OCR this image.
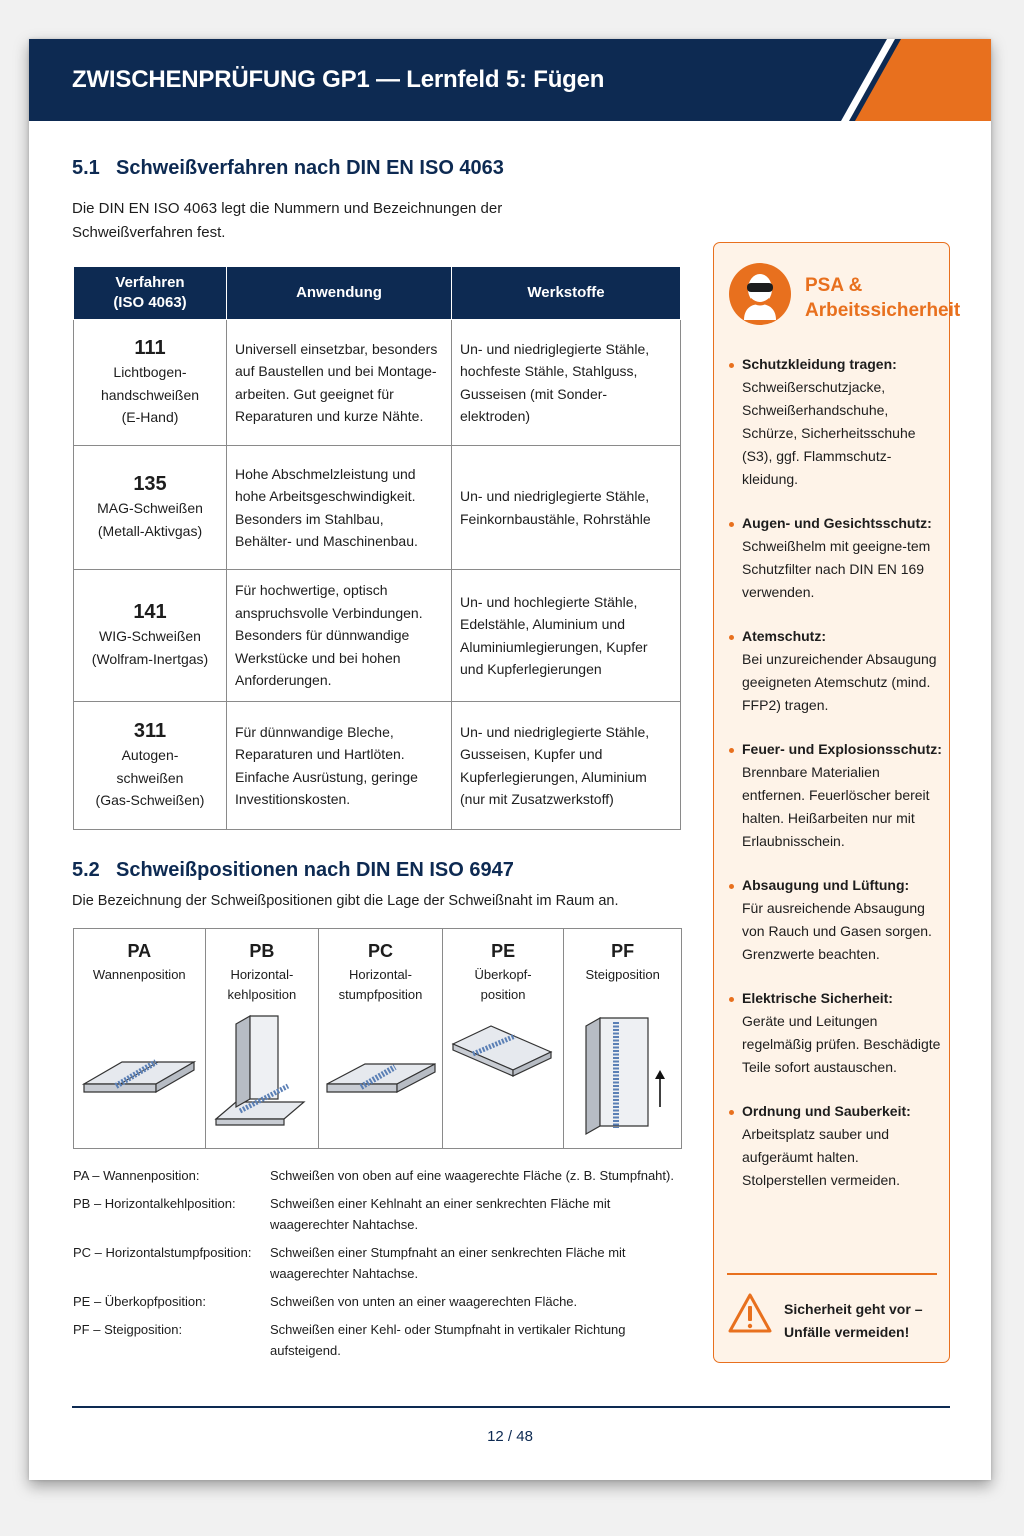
ZWISCHENPRÜFUNG GP1 — Lernfeld 5: Fügen
5.1 Schweißverfahren nach DIN EN ISO 4063
Die DIN EN ISO 4063 legt die Nummern und Bezeichnungen der
Schweißverfahren fest.
Verfahren
(ISO 4063)	Anwendung	Werkstoffe

111
Lichtbogen-
handschweißen
(E-Hand)	Universell einsetzbar, besonders auf Baustellen und bei Montage-arbeiten. Gut geeignet für Reparaturen und kurze Nähte.	Un- und niedriglegierte Stähle, hochfeste Stähle, Stahlguss, Gusseisen (mit Sonder-elektroden)

135
MAG-Schweißen
(Metall-Aktivgas)	Hohe Abschmelzleistung und hohe Arbeitsgeschwindigkeit. Besonders im Stahlbau, Behälter- und Maschinenbau.	Un- und niedriglegierte Stähle, Feinkornbaustähle, Rohrstähle

141
WIG-Schweißen
(Wolfram-Inertgas)	Für hochwertige, optisch anspruchsvolle Verbindungen. Besonders für dünnwandige Werkstücke und bei hohen Anforderungen.	Un- und hochlegierte Stähle, Edelstähle, Aluminium und Aluminiumlegierungen, Kupfer und Kupferlegierungen

311
Autogen-
schweißen
(Gas-Schweißen)	Für dünnwandige Bleche, Reparaturen und Hartlöten. Einfache Ausrüstung, geringe Investitionskosten.	Un- und niedriglegierte Stähle, Gusseisen, Kupfer und Kupferlegierungen, Aluminium (nur mit Zusatzwerkstoff)
5.2 Schweißpositionen nach DIN EN ISO 6947
Die Bezeichnung der Schweißpositionen gibt die Lage der Schweißnaht im Raum an.
PA
Wannenposition
PB
Horizontal-
kehlposition
PC
Horizontal-
stumpfposition
PE
Überkopf-
position
PF
Steigposition
PA – Wannenposition:	Schweißen von oben auf eine waagerechte Fläche (z. B. Stumpfnaht).
PB – Horizontalkehlposition:	Schweißen einer Kehlnaht an einer senkrechten Fläche mit waagerechter Nahtachse.
PC – Horizontalstumpfposition:	Schweißen einer Stumpfnaht an einer senkrechten Fläche mit waagerechter Nahtachse.
PE – Überkopfposition:	Schweißen von unten an einer waagerechten Fläche.
PF – Steigposition:	Schweißen einer Kehl- oder Stumpfnaht in vertikaler Richtung aufsteigend.
PSA &
Arbeitssicherheit
Schutzkleidung tragen:
Schweißerschutzjacke, Schweißerhandschuhe, Schürze, Sicherheitsschuhe (S3), ggf. Flammschutz-kleidung.
Augen- und Gesichtsschutz:
Schweißhelm mit geeigne-tem Schutzfilter nach DIN EN 169 verwenden.
Atemschutz:
Bei unzureichender Absaugung geeigneten Atemschutz (mind. FFP2) tragen.
Feuer- und Explosionsschutz:
Brennbare Materialien entfernen. Feuerlöscher bereit halten. Heißarbeiten nur mit Erlaubnisschein.
Absaugung und Lüftung:
Für ausreichende Absaugung von Rauch und Gasen sorgen. Grenzwerte beachten.
Elektrische Sicherheit:
Geräte und Leitungen regelmäßig prüfen. Beschädigte Teile sofort austauschen.
Ordnung und Sauberkeit:
Arbeitsplatz sauber und aufgeräumt halten. Stolperstellen vermeiden.
Sicherheit geht vor – Unfälle vermeiden!
12 / 48
